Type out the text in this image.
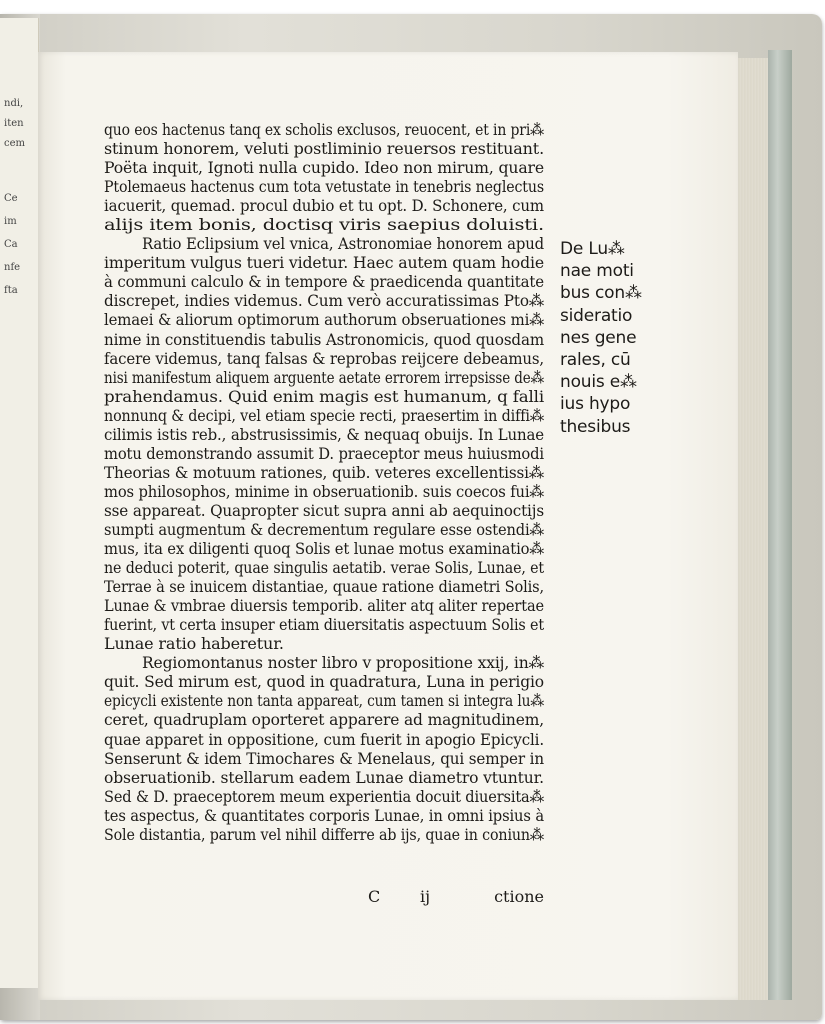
ndi,
iten
cem
Ce
im
Ca
nfe
fta
quo eos hactenus tanq ex scholis exclusos, reuocent, et in pri⁂
stinum honorem, veluti postliminio reuersos restituant.
Poëta inquit, Ignoti nulla cupido. Ideo non mirum, quare
Ptolemaeus hactenus cum tota vetustate in tenebris neglectus
iacuerit, quemad. procul dubio et tu opt. D. Schonere, cum
alijs item bonis, doctisq viris saepius doluisti.
Ratio Eclipsium vel vnica, Astronomiae honorem apud
imperitum vulgus tueri videtur. Haec autem quam hodie
à communi calculo & in tempore & praedicenda quantitate
discrepet, indies videmus. Cum verò accuratissimas Pto⁂
lemaei & aliorum optimorum authorum obseruationes mi⁂
nime in constituendis tabulis Astronomicis, quod quosdam
facere videmus, tanq falsas & reprobas reijcere debeamus,
nisi manifestum aliquem arguente aetate errorem irrepsisse de⁂
prahendamus. Quid enim magis est humanum, q falli
nonnunq & decipi, vel etiam specie recti, praesertim in diffi⁂
cilimis istis reb., abstrusissimis, & nequaq obuijs. In Lunae
motu demonstrando assumit D. praeceptor meus huiusmodi
Theorias & motuum rationes, quib. veteres excellentissi⁂
mos philosophos, minime in obseruationib. suis coecos fui⁂
sse appareat. Quapropter sicut supra anni ab aequinoctijs
sumpti augmentum & decrementum regulare esse ostendi⁂
mus, ita ex diligenti quoq Solis et lunae motus examinatio⁂
ne deduci poterit, quae singulis aetatib. verae Solis, Lunae, et
Terrae à se inuicem distantiae, quaue ratione diametri Solis,
Lunae & vmbrae diuersis temporib. aliter atq aliter repertae
fuerint, vt certa insuper etiam diuersitatis aspectuum Solis et
Lunae ratio haberetur.
Regiomontanus noster libro v propositione xxij, in⁂
quit. Sed mirum est, quod in quadratura, Luna in perigio
epicycli existente non tanta appareat, cum tamen si integra lu⁂
ceret, quadruplam oporteret apparere ad magnitudinem,
quae apparet in oppositione, cum fuerit in apogio Epicycli.
Senserunt & idem Timochares & Menelaus, qui semper in
obseruationib. stellarum eadem Lunae diametro vtuntur.
Sed & D. praeceptorem meum experientia docuit diuersita⁂
tes aspectus, & quantitates corporis Lunae, in omni ipsius à
Sole distantia, parum vel nihil differre ab ijs, quae in coniun⁂
C ij	ctione
De Lu⁂
nae moti
bus con⁂
sideratio
nes gene
rales, cū
nouis e⁂
ius hypo
thesibus
